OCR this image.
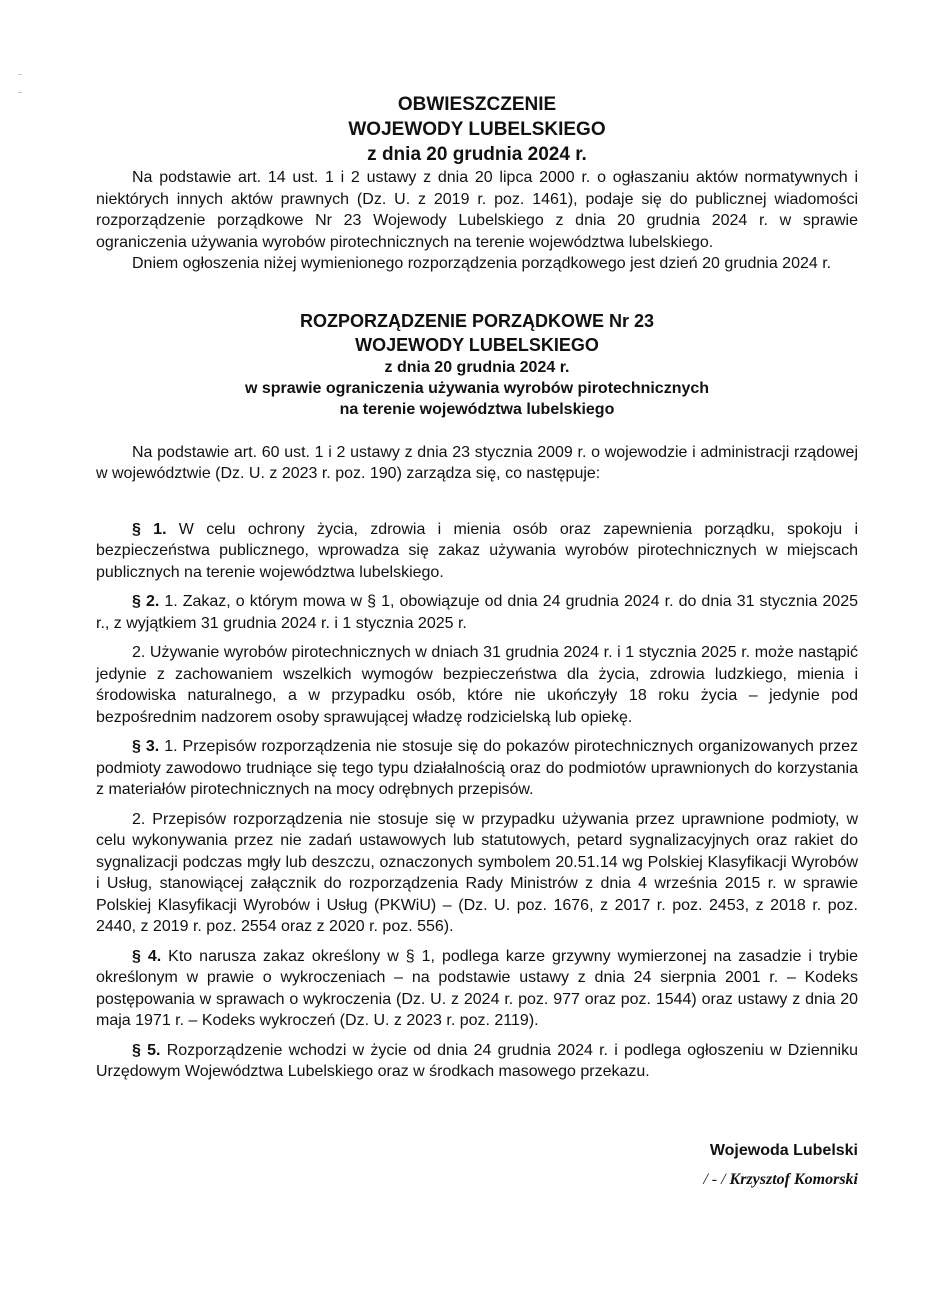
OBWIESZCZENIE
WOJEWODY LUBELSKIEGO
z dnia 20 grudnia 2024 r.

Na podstawie art. 14 ust. 1 i 2 ustawy z dnia 20 lipca 2000 r. o ogłaszaniu aktów normatywnych i niektórych innych aktów prawnych (Dz. U. z 2019 r. poz. 1461), podaje się do publicznej wiadomości rozporządzenie porządkowe Nr 23 Wojewody Lubelskiego z dnia 20 grudnia 2024 r. w sprawie ograniczenia używania wyrobów pirotechnicznych na terenie województwa lubelskiego.

Dniem ogłoszenia niżej wymienionego rozporządzenia porządkowego jest dzień 20 grudnia 2024 r.

ROZPORZĄDZENIE PORZĄDKOWE Nr 23
WOJEWODY LUBELSKIEGO
z dnia 20 grudnia 2024 r.
w sprawie ograniczenia używania wyrobów pirotechnicznych
na terenie województwa lubelskiego

Na podstawie art. 60 ust. 1 i 2 ustawy z dnia 23 stycznia 2009 r. o wojewodzie i administracji rządowej w województwie (Dz. U. z 2023 r. poz. 190) zarządza się, co następuje:

§ 1. W celu ochrony życia, zdrowia i mienia osób oraz zapewnienia porządku, spokoju i bezpieczeństwa publicznego, wprowadza się zakaz używania wyrobów pirotechnicznych w miejscach publicznych na terenie województwa lubelskiego.

§ 2. 1. Zakaz, o którym mowa w § 1, obowiązuje od dnia 24 grudnia 2024 r. do dnia 31 stycznia 2025 r., z wyjątkiem 31 grudnia 2024 r. i 1 stycznia 2025 r.

2. Używanie wyrobów pirotechnicznych w dniach 31 grudnia 2024 r. i 1 stycznia 2025 r. może nastąpić jedynie z zachowaniem wszelkich wymogów bezpieczeństwa dla życia, zdrowia ludzkiego, mienia i środowiska naturalnego, a w przypadku osób, które nie ukończyły 18 roku życia – jedynie pod bezpośrednim nadzorem osoby sprawującej władzę rodzicielską lub opiekę.

§ 3. 1. Przepisów rozporządzenia nie stosuje się do pokazów pirotechnicznych organizowanych przez podmioty zawodowo trudniące się tego typu działalnością oraz do podmiotów uprawnionych do korzystania z materiałów pirotechnicznych na mocy odrębnych przepisów.

2. Przepisów rozporządzenia nie stosuje się w przypadku używania przez uprawnione podmioty, w celu wykonywania przez nie zadań ustawowych lub statutowych, petard sygnalizacyjnych oraz rakiet do sygnalizacji podczas mgły lub deszczu, oznaczonych symbolem 20.51.14 wg Polskiej Klasyfikacji Wyrobów i Usług, stanowiącej załącznik do rozporządzenia Rady Ministrów z dnia 4 września 2015 r. w sprawie Polskiej Klasyfikacji Wyrobów i Usług (PKWiU) – (Dz. U. poz. 1676, z 2017 r. poz. 2453, z 2018 r. poz. 2440, z 2019 r. poz. 2554 oraz z 2020 r. poz. 556).

§ 4. Kto narusza zakaz określony w § 1, podlega karze grzywny wymierzonej na zasadzie i trybie określonym w prawie o wykroczeniach – na podstawie ustawy z dnia 24 sierpnia 2001 r. – Kodeks postępowania w sprawach o wykroczenia (Dz. U. z 2024 r. poz. 977 oraz poz. 1544) oraz ustawy z dnia 20 maja 1971 r. – Kodeks wykroczeń (Dz. U. z 2023 r. poz. 2119).

§ 5. Rozporządzenie wchodzi w życie od dnia 24 grudnia 2024 r. i podlega ogłoszeniu w Dzienniku Urzędowym Województwa Lubelskiego oraz w środkach masowego przekazu.

Wojewoda Lubelski
/ - / Krzysztof Komorski
